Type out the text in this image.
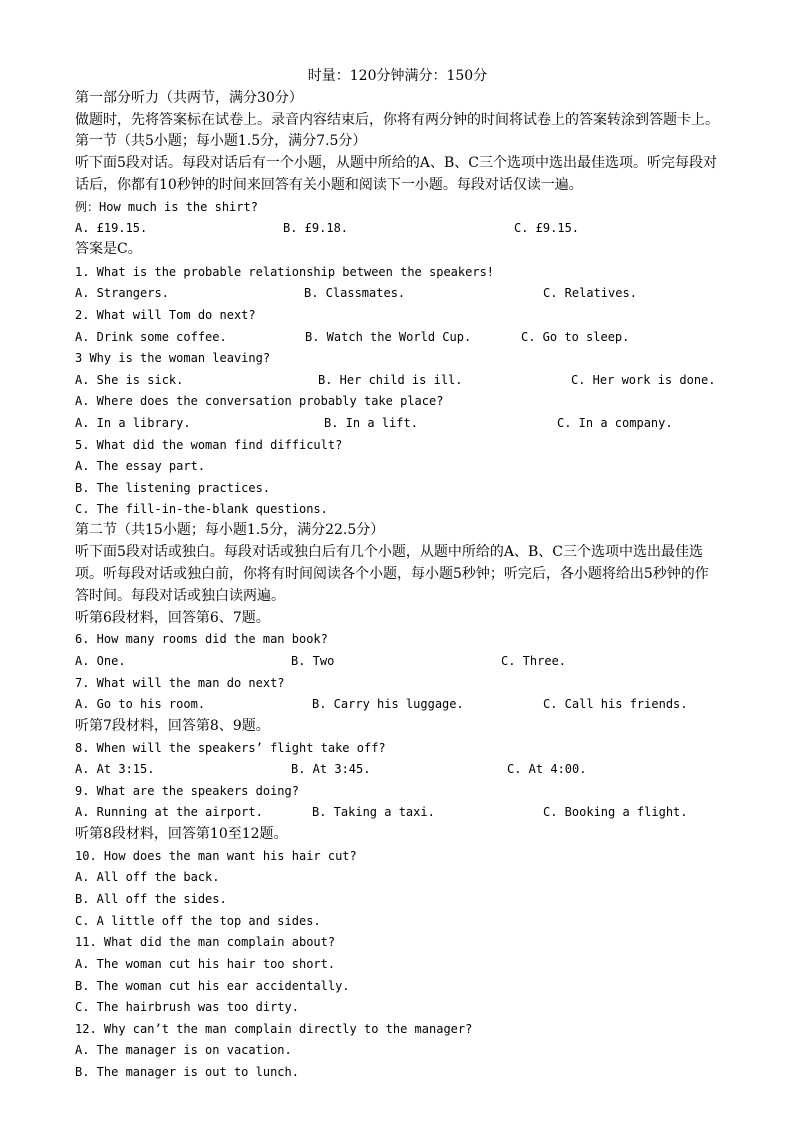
时量：120分钟满分：150分
第一部分听力（共两节，满分30分）
做题时，先将答案标在试卷上。录音内容结束后，你将有两分钟的时间将试卷上的答案转涂到答题卡上。
第一节（共5小题；每小题1.5分，满分7.5分）
听下面5段对话。每段对话后有一个小题，从题中所给的A、B、C三个选项中选出最佳选项。听完每段对
话后，你都有10秒钟的时间来回答有关小题和阅读下一小题。每段对话仅读一遍。
例：How much is the shirt?
A. £19.15.	B. £9.18.	C. £9.15.
答案是C。
1. What is the probable relationship between the speakers!
A. Strangers.	B. Classmates.	C. Relatives.
2. What will Tom do next?
A. Drink some coffee.	B. Watch the World Cup.	C. Go to sleep.
3 Why is the woman leaving?
A. She is sick.	B. Her child is ill.	C. Her work is done.
A. Where does the conversation probably take place?
A. In a library.	B. In a lift.	C. In a company.
5. What did the woman find difficult?
A. The essay part.
B. The listening practices.
C. The fill-in-the-blank questions.
第二节（共15小题；每小题1.5分，满分22.5分）
听下面5段对话或独白。每段对话或独白后有几个小题，从题中所给的A、B、C三个选项中选出最佳选
项。听每段对话或独白前，你将有时间阅读各个小题，每小题5秒钟；听完后，各小题将给出5秒钟的作
答时间。每段对话或独白读两遍。
听第6段材料，回答第6、7题。
6. How many rooms did the man book?
A. One.	B. Two	C. Three.
7. What will the man do next?
A. Go to his room.	B. Carry his luggage.	C. Call his friends.
听第7段材料，回答第8、9题。
8. When will the speakers’ flight take off?
A. At 3:15.	B. At 3:45.	C. At 4:00.
9. What are the speakers doing?
A. Running at the airport.	B. Taking a taxi.	C. Booking a flight.
听第8段材料，回答第10至12题。
10. How does the man want his hair cut?
A. All off the back.
B. All off the sides.
C. A little off the top and sides.
11. What did the man complain about?
A. The woman cut his hair too short.
B. The woman cut his ear accidentally.
C. The hairbrush was too dirty.
12. Why can’t the man complain directly to the manager?
A. The manager is on vacation.
B. The manager is out to lunch.
